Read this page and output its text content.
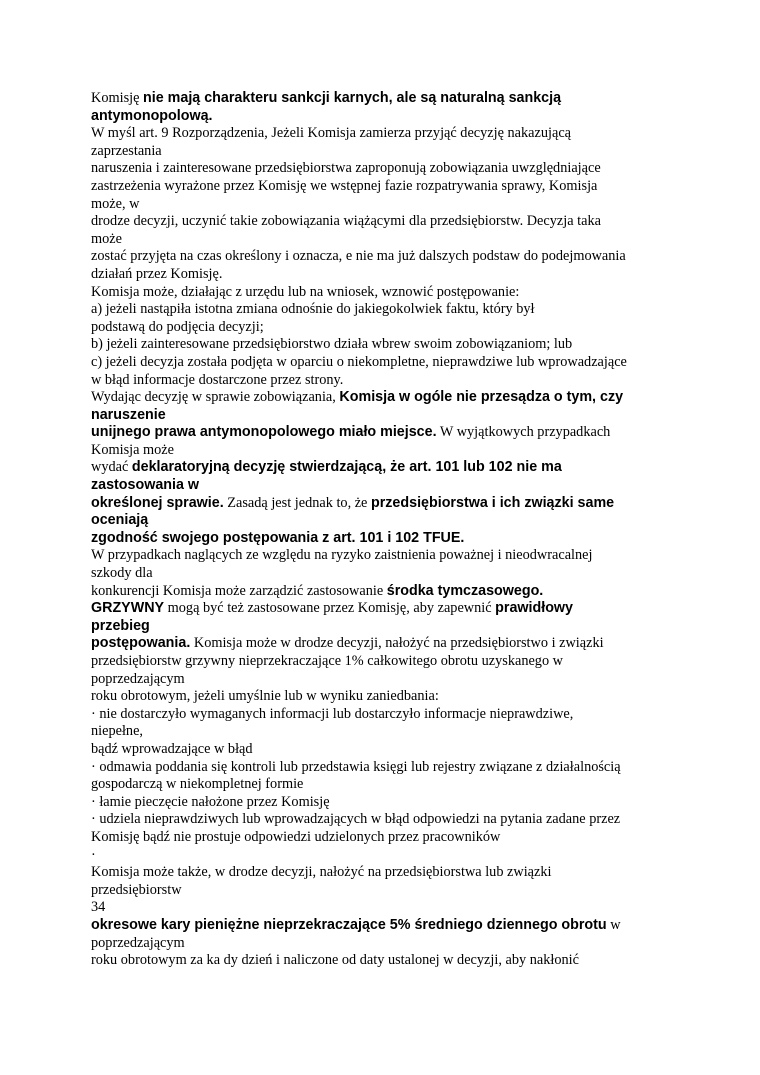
Komisję nie mają charakteru sankcji karnych, ale są naturalną sankcją
antymonopolową.
W myśl art. 9 Rozporządzenia, Jeżeli Komisja zamierza przyjąć decyzję nakazującą
zaprzestania
naruszenia i zainteresowane przedsiębiorstwa zaproponują zobowiązania uwzględniające
zastrzeżenia wyrażone przez Komisję we wstępnej fazie rozpatrywania sprawy, Komisja
może, w
drodze decyzji, uczynić takie zobowiązania wiążącymi dla przedsiębiorstw. Decyzja taka
może
zostać przyjęta na czas określony i oznacza, e nie ma już dalszych podstaw do podejmowania
działań przez Komisję.
Komisja może, działając z urzędu lub na wniosek, wznowić postępowanie:
a) jeżeli nastąpiła istotna zmiana odnośnie do jakiegokolwiek faktu, który był
podstawą do podjęcia decyzji;
b) jeżeli zainteresowane przedsiębiorstwo działa wbrew swoim zobowiązaniom; lub
c) jeżeli decyzja została podjęta w oparciu o niekompletne, nieprawdziwe lub wprowadzające
w błąd informacje dostarczone przez strony.
Wydając decyzję w sprawie zobowiązania, Komisja w ogóle nie przesądza o tym, czy
naruszenie
unijnego prawa antymonopolowego miało miejsce. W wyjątkowych przypadkach
Komisja może
wydać deklaratoryjną decyzję stwierdzającą, że art. 101 lub 102 nie ma
zastosowania w
określonej sprawie. Zasadą jest jednak to, że przedsiębiorstwa i ich związki same
oceniają
zgodność swojego postępowania z art. 101 i 102 TFUE.
W przypadkach naglących ze względu na ryzyko zaistnienia poważnej i nieodwracalnej
szkody dla
konkurencji Komisja może zarządzić zastosowanie środka tymczasowego.
GRZYWNY mogą być też zastosowane przez Komisję, aby zapewnić prawidłowy
przebieg
postępowania. Komisja może w drodze decyzji, nałożyć na przedsiębiorstwo i związki
przedsiębiorstw grzywny nieprzekraczające 1% całkowitego obrotu uzyskanego w
poprzedzającym
roku obrotowym, jeżeli umyślnie lub w wyniku zaniedbania:
· nie dostarczyło wymaganych informacji lub dostarczyło informacje nieprawdziwe,
niepełne,
bądź wprowadzające w błąd
· odmawia poddania się kontroli lub przedstawia księgi lub rejestry związane z działalnością
gospodarczą w niekompletnej formie
· łamie pieczęcie nałożone przez Komisję
· udziela nieprawdziwych lub wprowadzających w błąd odpowiedzi na pytania zadane przez
Komisję bądź nie prostuje odpowiedzi udzielonych przez pracowników
·
Komisja może także, w drodze decyzji, nałożyć na przedsiębiorstwa lub związki
przedsiębiorstw
34
okresowe kary pieniężne nieprzekraczające 5% średniego dziennego obrotu w
poprzedzającym
roku obrotowym za ka dy dzień i naliczone od daty ustalonej w decyzji, aby nakłonić
